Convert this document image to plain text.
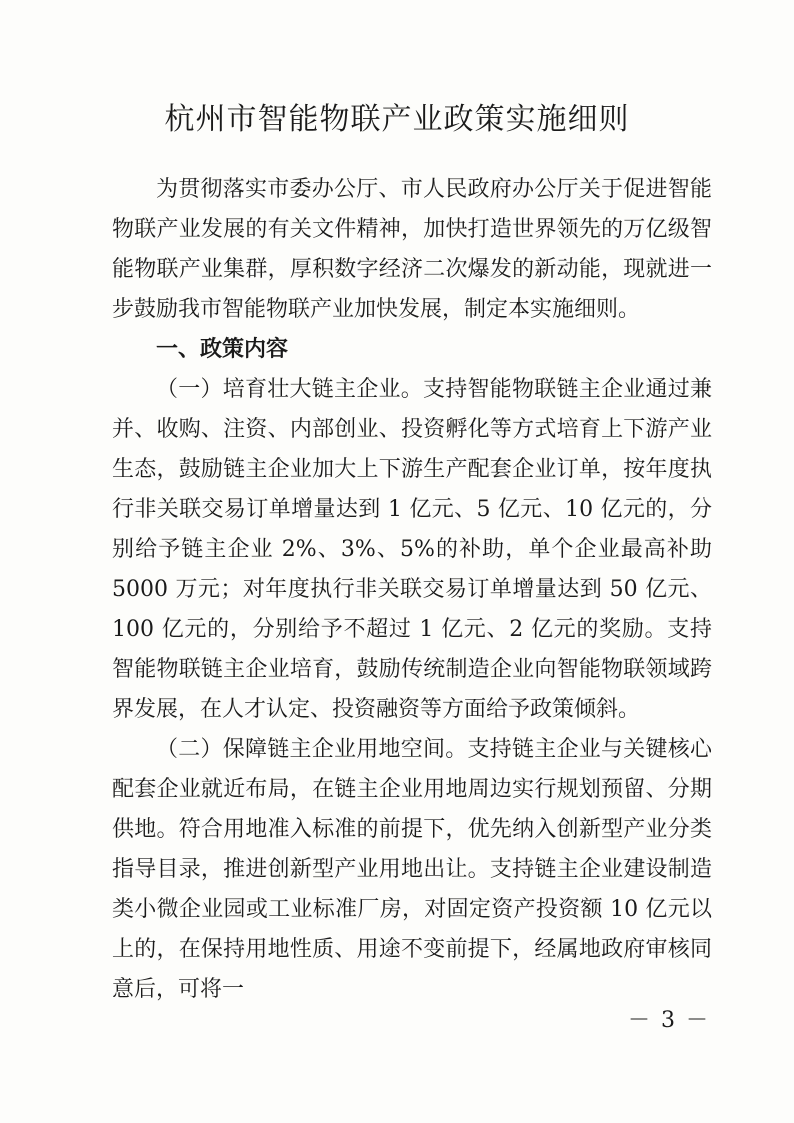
杭州市智能物联产业政策实施细则

为贯彻落实市委办公厅、市人民政府办公厅关于促进智能物联产业发展的有关文件精神，加快打造世界领先的万亿级智能物联产业集群，厚积数字经济二次爆发的新动能，现就进一步鼓励我市智能物联产业加快发展，制定本实施细则。

一、政策内容

（一）培育壮大链主企业。支持智能物联链主企业通过兼并、收购、注资、内部创业、投资孵化等方式培育上下游产业生态，鼓励链主企业加大上下游生产配套企业订单，按年度执行非关联交易订单增量达到 1 亿元、5 亿元、10 亿元的，分别给予链主企业 2%、3%、5%的补助，单个企业最高补助 5000 万元；对年度执行非关联交易订单增量达到 50 亿元、100 亿元的，分别给予不超过 1 亿元、2 亿元的奖励。支持智能物联链主企业培育，鼓励传统制造企业向智能物联领域跨界发展，在人才认定、投资融资等方面给予政策倾斜。

（二）保障链主企业用地空间。支持链主企业与关键核心配套企业就近布局，在链主企业用地周边实行规划预留、分期供地。符合用地准入标准的前提下，优先纳入创新型产业分类指导目录，推进创新型产业用地出让。支持链主企业建设制造类小微企业园或工业标准厂房，对固定资产投资额 10 亿元以上的，在保持用地性质、用途不变前提下，经属地政府审核同意后，可将一

－ 3 －
